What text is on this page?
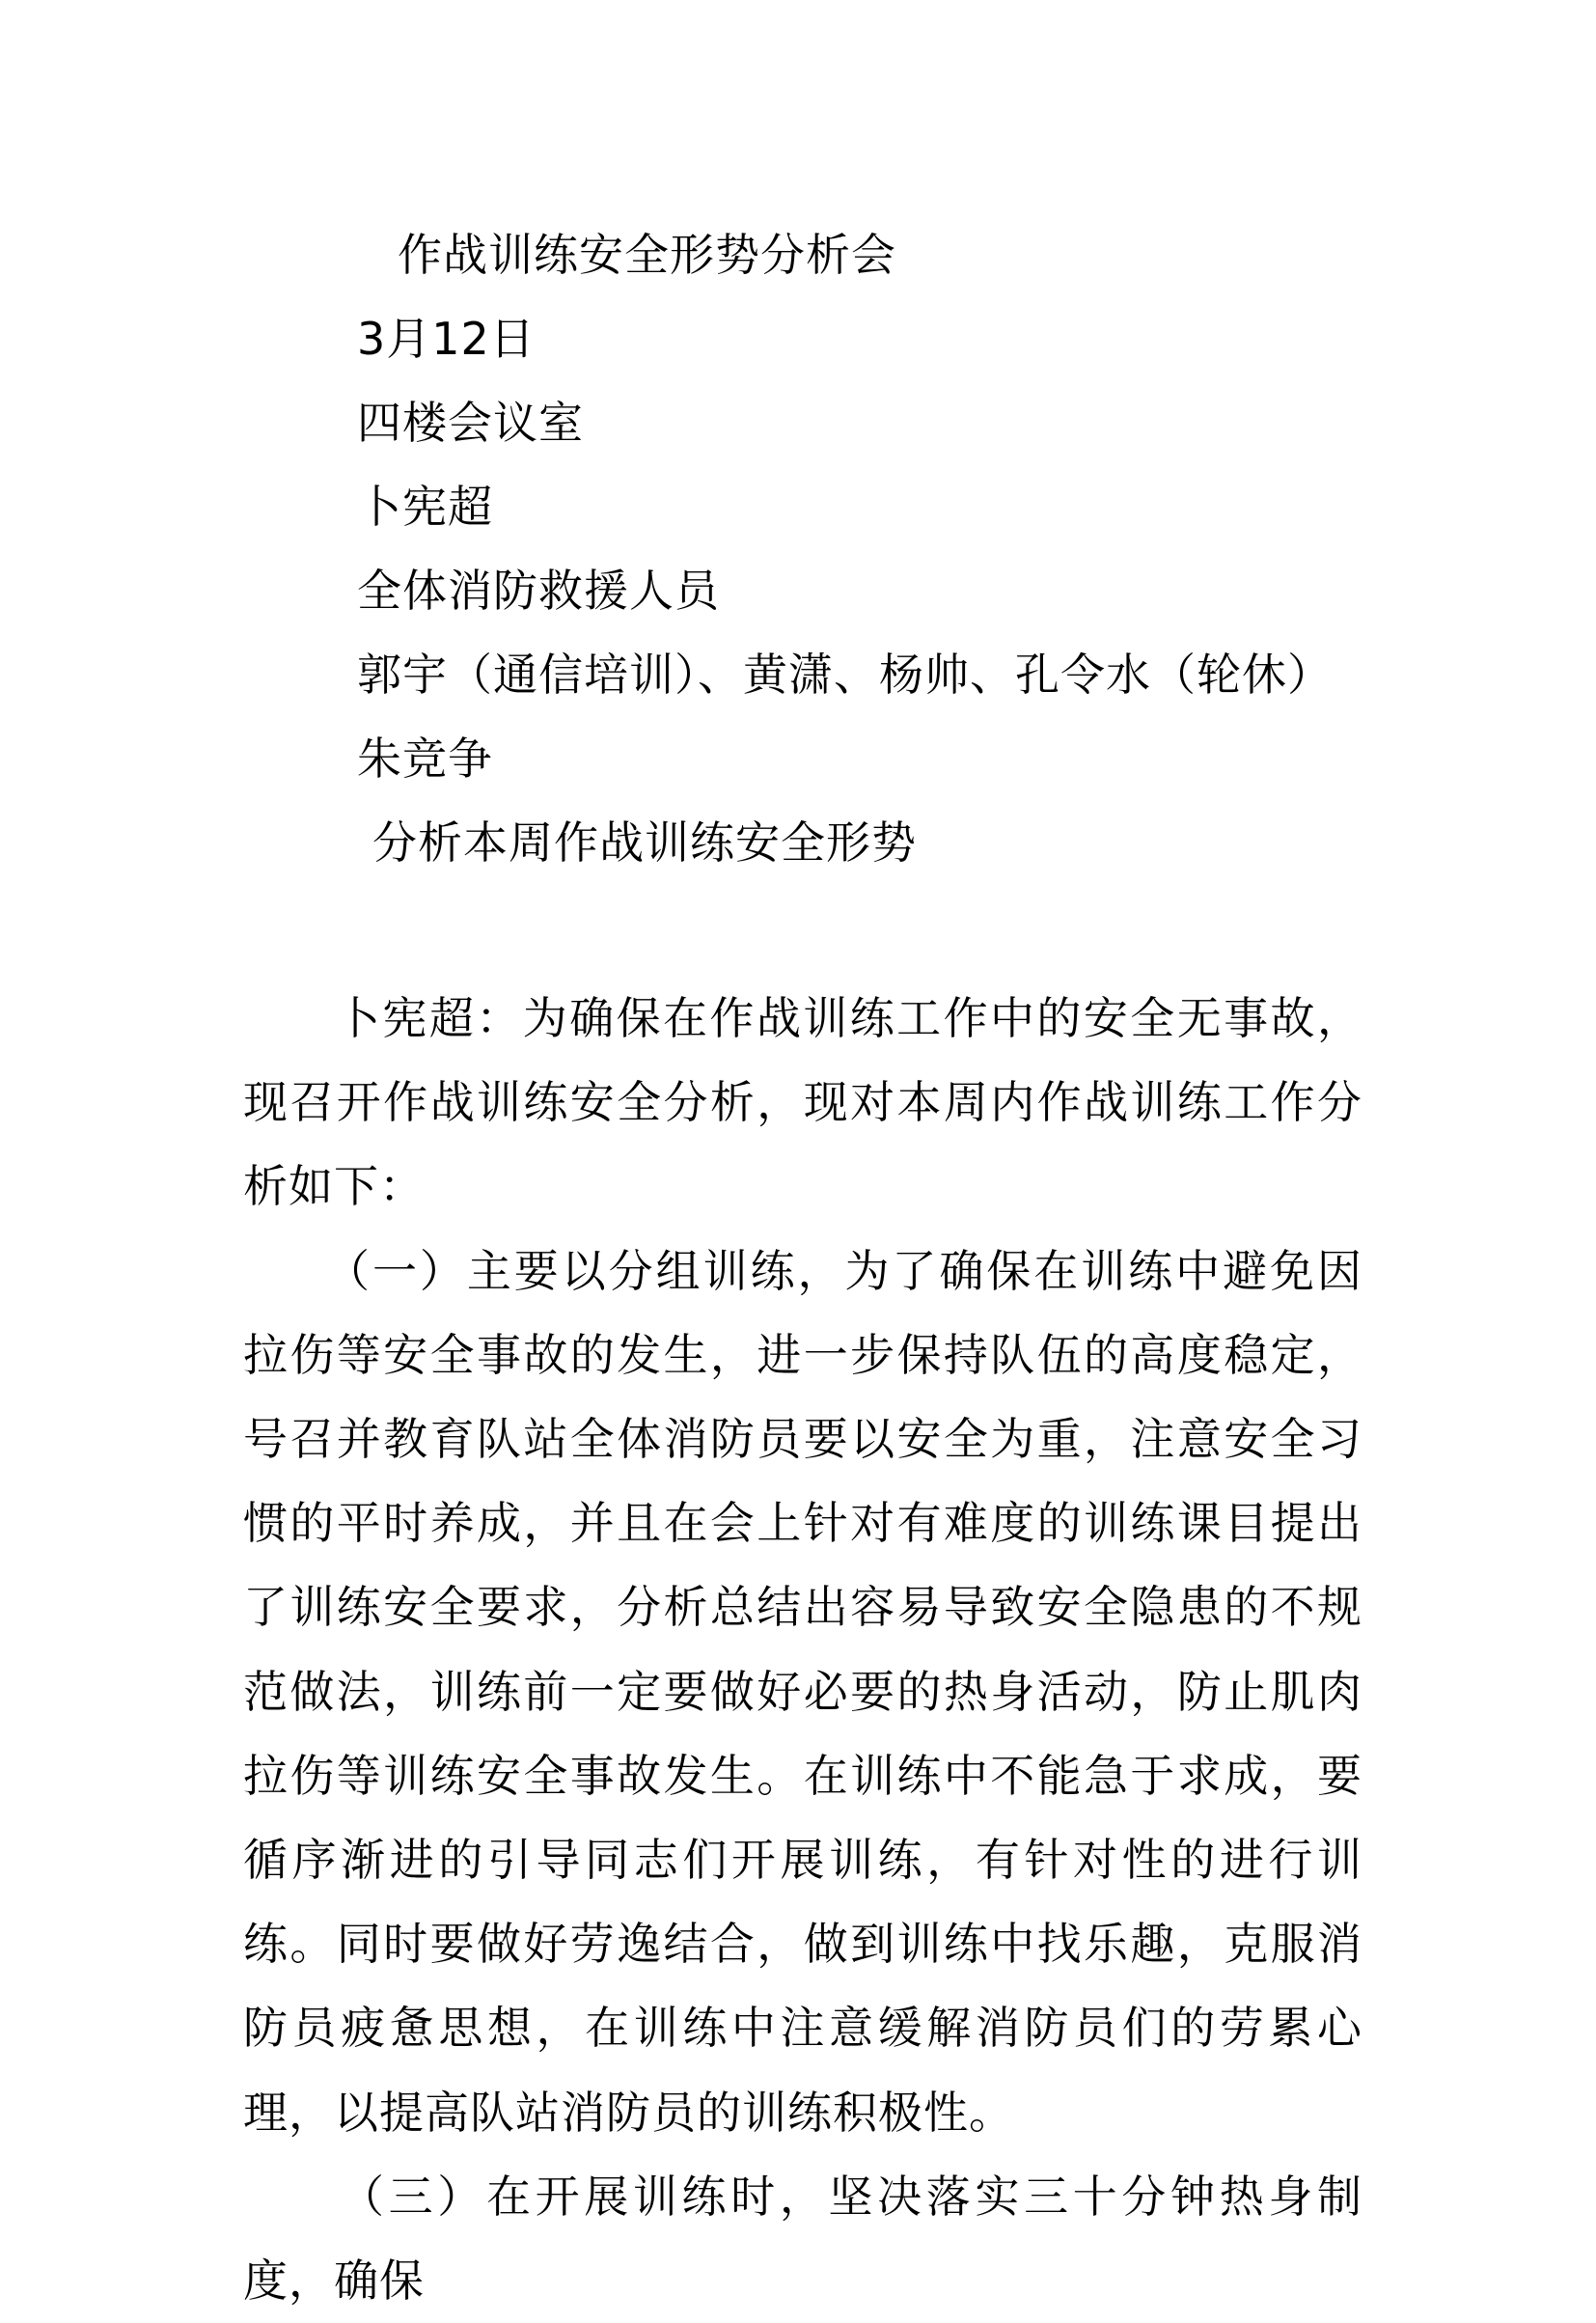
作战训练安全形势分析会
3月12日
四楼会议室
卜宪超
全体消防救援人员
郭宇（通信培训）、黄潇、杨帅、孔令水（轮休）
朱竞争
分析本周作战训练安全形势

卜宪超：为确保在作战训练工作中的安全无事故，现召开作战训练安全分析，现对本周内作战训练工作分析如下：

（一）主要以分组训练，为了确保在训练中避免因拉伤等安全事故的发生，进一步保持队伍的高度稳定，号召并教育队站全体消防员要以安全为重，注意安全习惯的平时养成，并且在会上针对有难度的训练课目提出了训练安全要求，分析总结出容易导致安全隐患的不规范做法，训练前一定要做好必要的热身活动，防止肌肉拉伤等训练安全事故发生。在训练中不能急于求成，要循序渐进的引导同志们开展训练，有针对性的进行训练。同时要做好劳逸结合，做到训练中找乐趣，克服消防员疲惫思想，在训练中注意缓解消防员们的劳累心理，以提高队站消防员的训练积极性。

（三）在开展训练时，坚决落实三十分钟热身制度，确保
